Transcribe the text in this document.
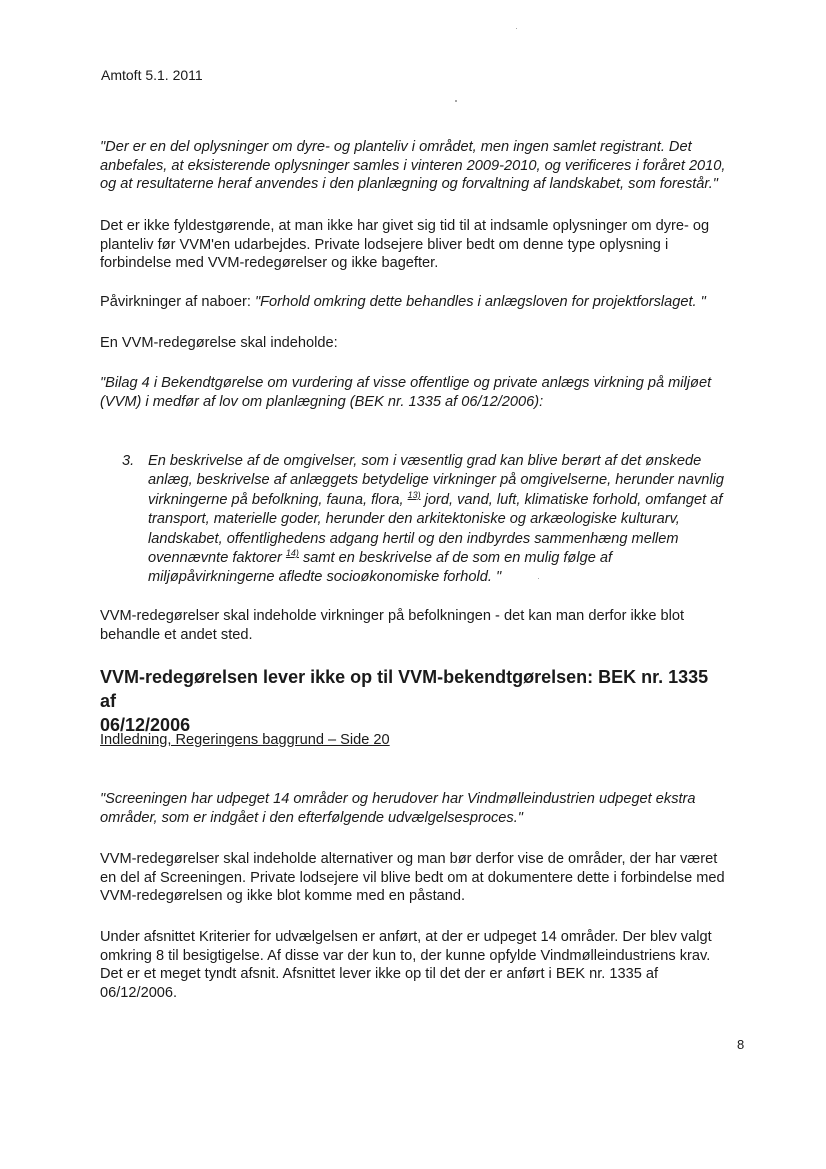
Amtoft 5.1. 2011
"Der er en del oplysninger om dyre- og planteliv i området, men ingen samlet registrant. Det
anbefales, at eksisterende oplysninger samles i vinteren 2009-2010, og verificeres i foråret 2010,
og at resultaterne heraf anvendes i den planlægning og forvaltning af landskabet, som forestår."
Det er ikke fyldestgørende, at man ikke har givet sig tid til at indsamle oplysninger om dyre- og
planteliv før VVM'en udarbejdes. Private lodsejere bliver bedt om denne type oplysning i
forbindelse med VVM-redegørelser og ikke bagefter.
Påvirkninger af naboer: "Forhold omkring dette behandles i anlægsloven for projektforslaget. "
En VVM-redegørelse skal indeholde:
"Bilag 4 i Bekendtgørelse om vurdering af visse offentlige og private anlægs virkning på miljøet
(VVM) i medfør af lov om planlægning (BEK nr. 1335 af 06/12/2006):
3. En beskrivelse af de omgivelser, som i væsentlig grad kan blive berørt af det ønskede
anlæg, beskrivelse af anlæggets betydelige virkninger på omgivelserne, herunder navnlig
virkningerne på befolkning, fauna, flora, $^{13)}$ jord, vand, luft, klimatiske forhold, omfanget af
transport, materielle goder, herunder den arkitektoniske og arkæologiske kulturarv,
landskabet, offentlighedens adgang hertil og den indbyrdes sammenhæng mellem
ovennævnte faktorer $^{14)}$ samt en beskrivelse af de som en mulig følge af
miljøpåvirkningerne afledte socioøkonomiske forhold. "
VVM-redegørelser skal indeholde virkninger på befolkningen - det kan man derfor ikke blot
behandle et andet sted.
VVM-redegørelsen lever ikke op til VVM-bekendtgørelsen: BEK nr. 1335 af
06/12/2006
Indledning, Regeringens baggrund – Side 20
"Screeningen har udpeget 14 områder og herudover har Vindmølleindustrien udpeget ekstra
områder, som er indgået i den efterfølgende udvælgelsesproces."
VVM-redegørelser skal indeholde alternativer og man bør derfor vise de områder, der har været
en del af Screeningen. Private lodsejere vil blive bedt om at dokumentere dette i forbindelse med
VVM-redegørelsen og ikke blot komme med en påstand.
Under afsnittet Kriterier for udvælgelsen er anført, at der er udpeget 14 områder. Der blev valgt
omkring 8 til besigtigelse. Af disse var der kun to, der kunne opfylde Vindmølleindustriens krav.
Det er et meget tyndt afsnit. Afsnittet lever ikke op til det der er anført i BEK nr. 1335 af
06/12/2006.
8
